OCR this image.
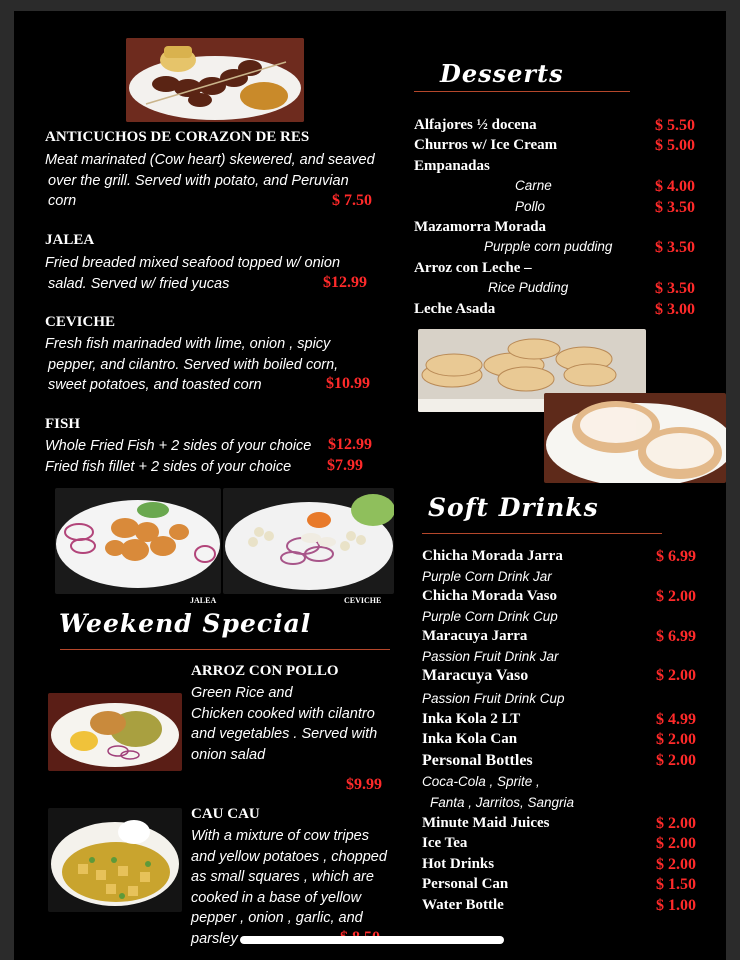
ANTICUCHOS DE CORAZON DE RES
Meat marinated (Cow heart) skewered, and seaved
over the grill. Served with potato, and Peruvian
corn	$ 7.50
JALEA
Fried breaded mixed seafood topped w/ onion
salad. Served w/ fried yucas	$12.99
CEVICHE
Fresh fish marinaded with lime, onion , spicy
pepper, and cilantro. Served with boiled corn,
sweet potatoes, and toasted corn	$10.99
FISH
Whole Fried Fish + 2 sides of your choice $12.99
Fried fish fillet + 2 sides of your choice $7.99
JALEA	CEVICHE
Weekend Special
ARROZ CON POLLO
Green Rice and
Chicken cooked with cilantro
and vegetables . Served with
onion salad
$9.99
CAU CAU
With a mixture of cow tripes
and yellow potatoes , chopped
as small squares , which are
cooked in a base of yellow
pepper , onion , garlic, and
parsley
Desserts
Alfajores ½ docena	$ 5.50
Churros w/ Ice Cream	$ 5.00
Empanadas
Carne	$ 4.00
Pollo	$ 3.50
Mazamorra Morada
Purpple corn pudding	$ 3.50
Arroz con Leche –
Rice Pudding	$ 3.50
Leche Asada	$ 3.00
Soft Drinks
Chicha Morada Jarra	$ 6.99
Purple Corn Drink Jar
Chicha Morada Vaso	$ 2.00
Purple Corn Drink Cup
Maracuya Jarra	$ 6.99
Passion Fruit Drink Jar
Maracuya Vaso	$ 2.00
Passion Fruit Drink Cup
Inka Kola 2 LT	$ 4.99
Inka Kola Can	$ 2.00
Personal Bottles	$ 2.00
Coca-Cola , Sprite ,
Fanta , Jarritos, Sangria
Minute Maid Juices	$ 2.00
Ice Tea	$ 2.00
Hot Drinks	$ 2.00
Personal Can	$ 1.50
Water Bottle	$ 1.00
